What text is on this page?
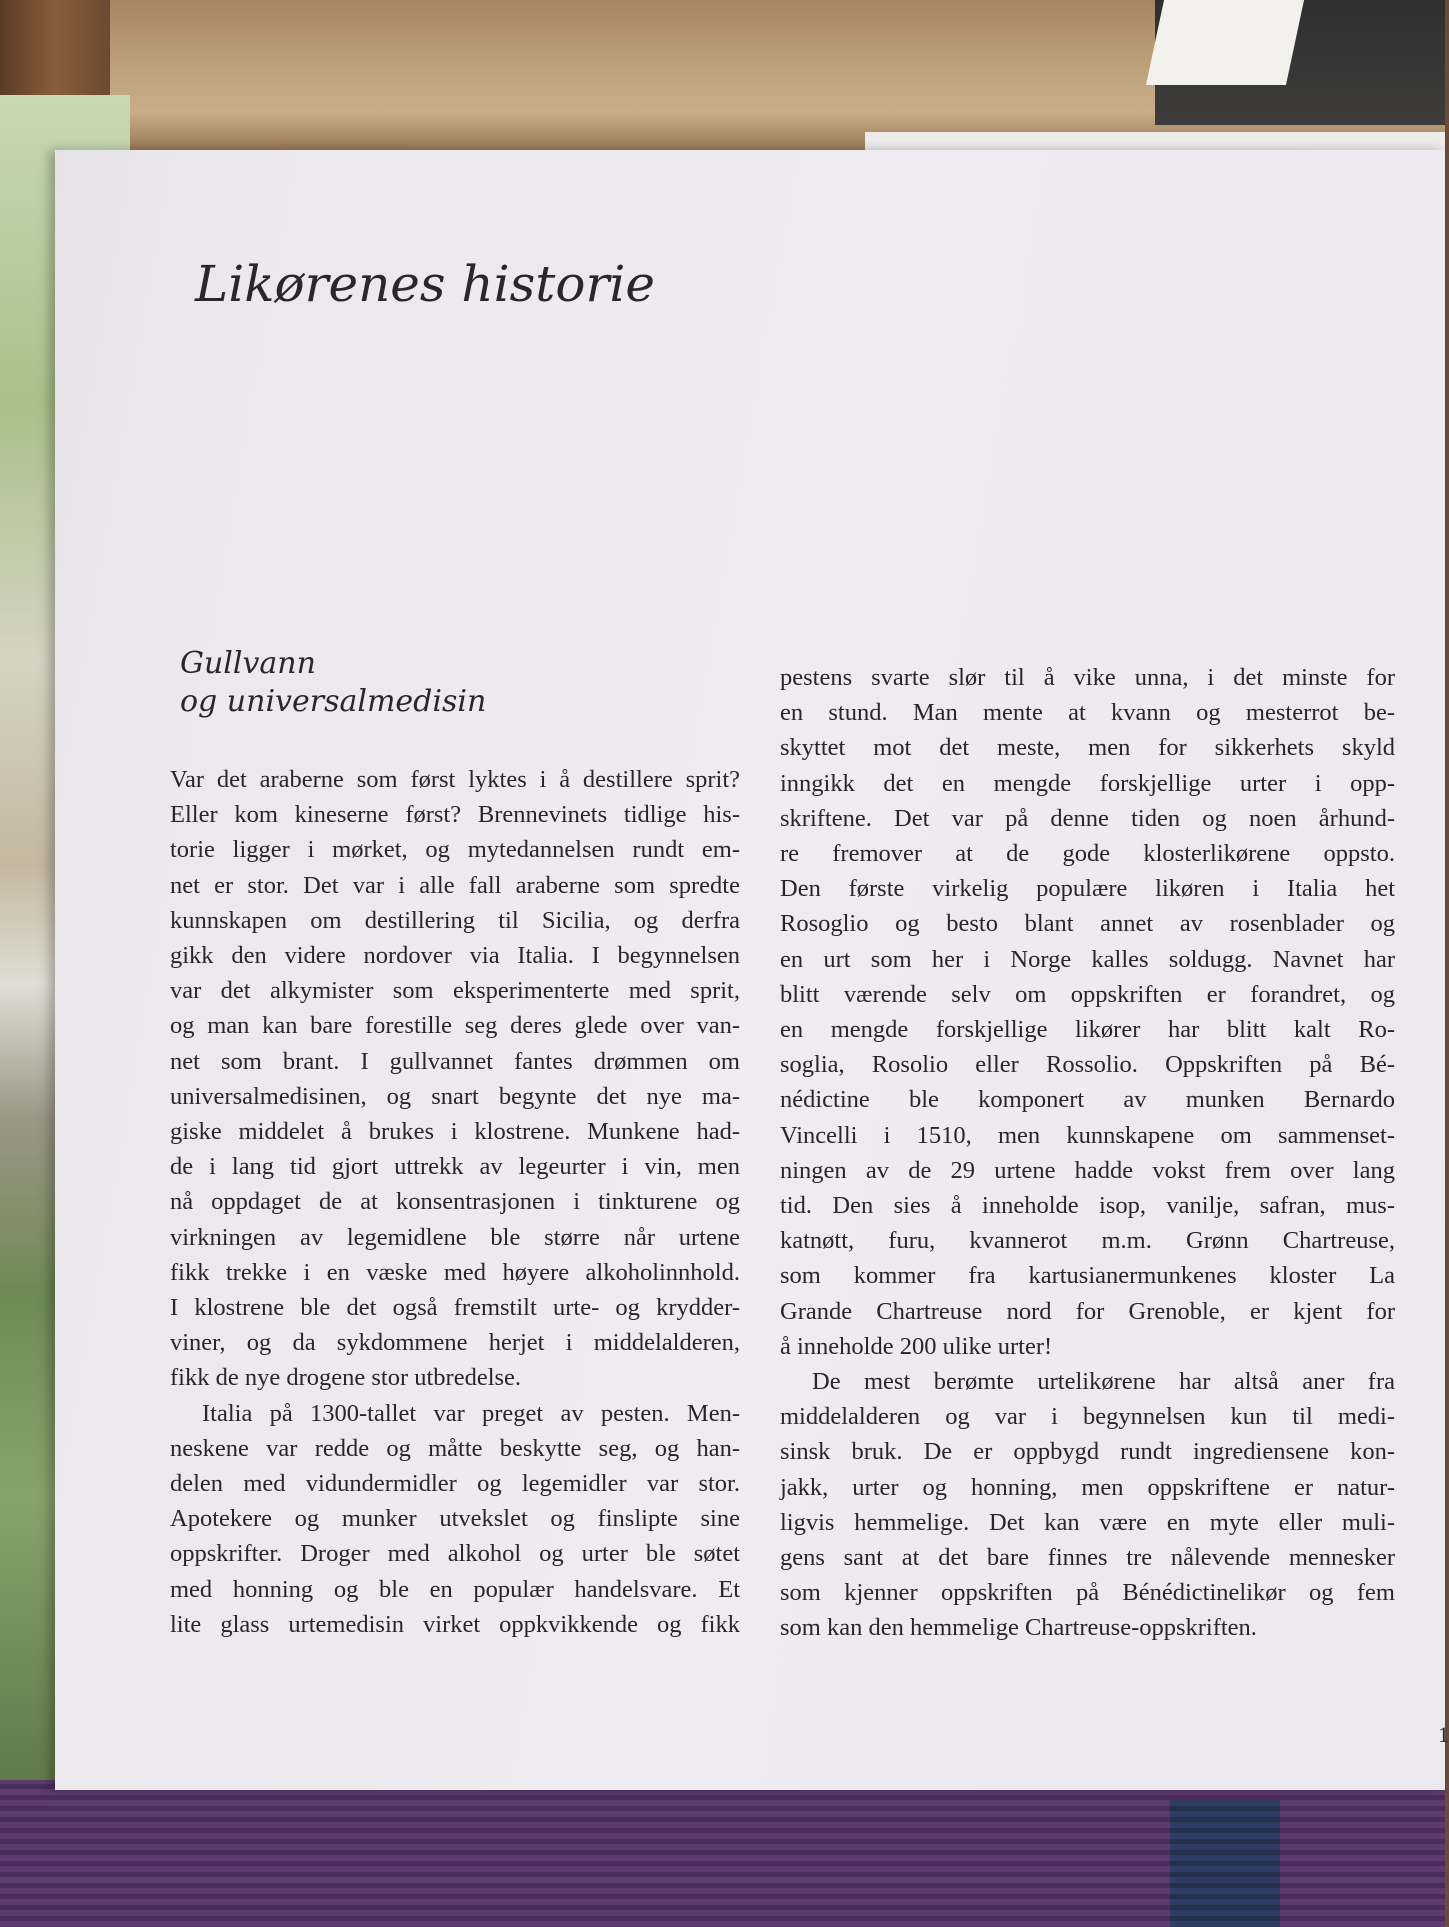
Likørenes historie
Gullvann
og universalmedisin
Var det araberne som først lyktes i å destillere sprit?
Eller kom kineserne først? Brennevinets tidlige his-
torie ligger i mørket, og mytedannelsen rundt em-
net er stor. Det var i alle fall araberne som spredte
kunnskapen om destillering til Sicilia, og derfra
gikk den videre nordover via Italia. I begynnelsen
var det alkymister som eksperimenterte med sprit,
og man kan bare forestille seg deres glede over van-
net som brant. I gullvannet fantes drømmen om
universalmedisinen, og snart begynte det nye ma-
giske middelet å brukes i klostrene. Munkene had-
de i lang tid gjort uttrekk av legeurter i vin, men
nå oppdaget de at konsentrasjonen i tinkturene og
virkningen av legemidlene ble større når urtene
fikk trekke i en væske med høyere alkoholinnhold.
I klostrene ble det også fremstilt urte- og krydder-
viner, og da sykdommene herjet i middelalderen,
fikk de nye drogene stor utbredelse.
Italia på 1300-tallet var preget av pesten. Men-
neskene var redde og måtte beskytte seg, og han-
delen med vidundermidler og legemidler var stor.
Apotekere og munker utvekslet og finslipte sine
oppskrifter. Droger med alkohol og urter ble søtet
med honning og ble en populær handelsvare. Et
lite glass urtemedisin virket oppkvikkende og fikk
pestens svarte slør til å vike unna, i det minste for
en stund. Man mente at kvann og mesterrot be-
skyttet mot det meste, men for sikkerhets skyld
inngikk det en mengde forskjellige urter i opp-
skriftene. Det var på denne tiden og noen århund-
re fremover at de gode klosterlikørene oppsto.
Den første virkelig populære likøren i Italia het
Rosoglio og besto blant annet av rosenblader og
en urt som her i Norge kalles soldugg. Navnet har
blitt værende selv om oppskriften er forandret, og
en mengde forskjellige likører har blitt kalt Ro-
soglia, Rosolio eller Rossolio. Oppskriften på Bé-
nédictine ble komponert av munken Bernardo
Vincelli i 1510, men kunnskapene om sammenset-
ningen av de 29 urtene hadde vokst frem over lang
tid. Den sies å inneholde isop, vanilje, safran, mus-
katnøtt, furu, kvannerot m.m. Grønn Chartreuse,
som kommer fra kartusianermunkenes kloster La
Grande Chartreuse nord for Grenoble, er kjent for
å inneholde 200 ulike urter!
De mest berømte urtelikørene har altså aner fra
middelalderen og var i begynnelsen kun til medi-
sinsk bruk. De er oppbygd rundt ingrediensene kon-
jakk, urter og honning, men oppskriftene er natur-
ligvis hemmelige. Det kan være en myte eller muli-
gens sant at det bare finnes tre nålevende mennesker
som kjenner oppskriften på Bénédictinelikør og fem
som kan den hemmelige Chartreuse-oppskriften.
1
